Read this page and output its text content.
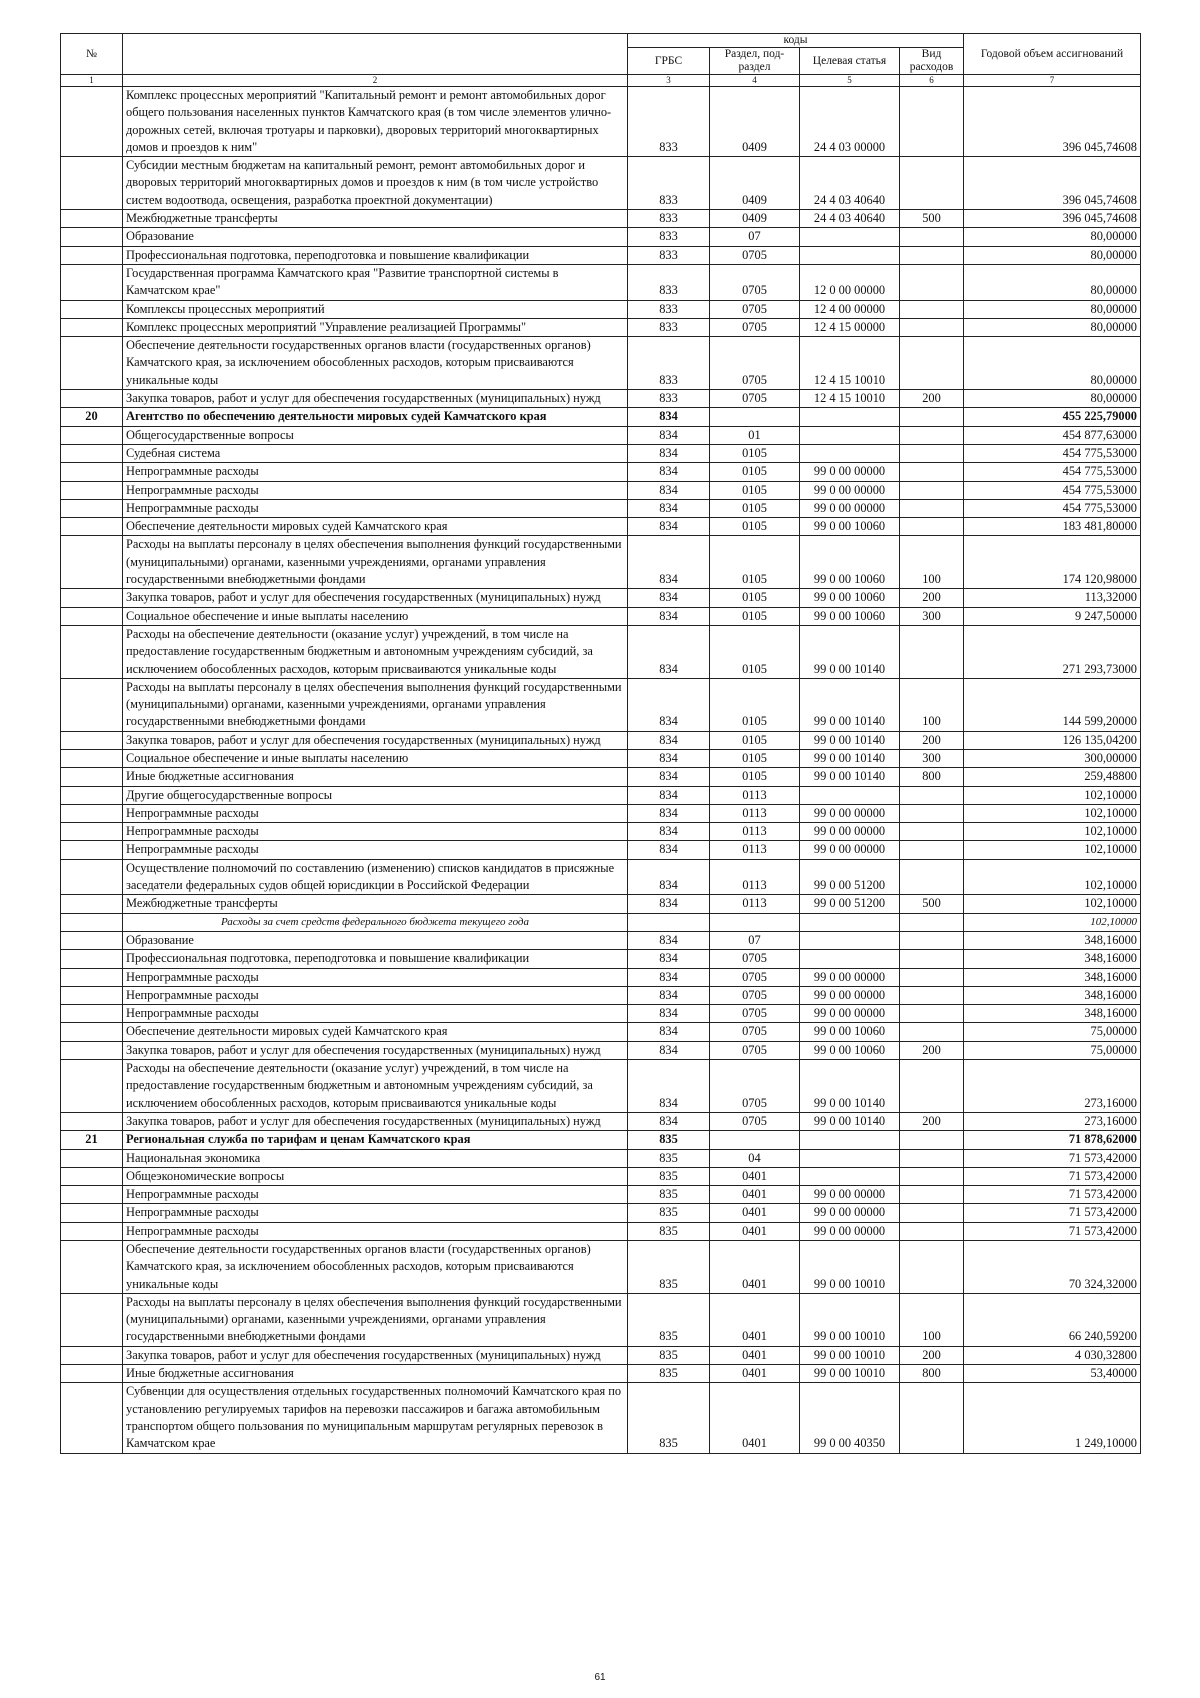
№		коды				Годовой объем ассигнований
		ГРБС	Раздел, под-раздел	Целевая статья	Вид расходов	
1	2	3	4	5	6	7
	Комплекс процессных мероприятий "Капитальный ремонт и ремонт автомобильных дорог общего пользования населенных пунктов Камчатского края (в том числе элементов улично-дорожных сетей, включая тротуары и парковки), дворовых территорий многоквартирных домов и проездов к ним"	833	0409	24 4 03 00000		396 045,74608
	Субсидии местным бюджетам на капитальный ремонт, ремонт автомобильных дорог и дворовых территорий многоквартирных домов и проездов к ним (в том числе устройство систем водоотвода, освещения, разработка проектной документации)	833	0409	24 4 03 40640		396 045,74608
	Межбюджетные трансферты	833	0409	24 4 03 40640	500	396 045,74608
	Образование	833	07			80,00000
	Профессиональная подготовка, переподготовка и повышение квалификации	833	0705			80,00000
	Государственная программа Камчатского края "Развитие транспортной системы в Камчатском крае"	833	0705	12 0 00 00000		80,00000
	Комплексы процессных мероприятий	833	0705	12 4 00 00000		80,00000
	Комплекс процессных мероприятий "Управление реализацией Программы"	833	0705	12 4 15 00000		80,00000
	Обеспечение деятельности государственных органов власти (государственных органов) Камчатского края, за исключением обособленных расходов, которым присваиваются уникальные коды	833	0705	12 4 15 10010		80,00000
	Закупка товаров, работ и услуг для обеспечения государственных (муниципальных) нужд	833	0705	12 4 15 10010	200	80,00000
20	Агентство по обеспечению деятельности мировых судей Камчатского края	834				455 225,79000
	Общегосударственные вопросы	834	01			454 877,63000
	Судебная система	834	0105			454 775,53000
	Непрограммные расходы	834	0105	99 0 00 00000		454 775,53000
	Непрограммные расходы	834	0105	99 0 00 00000		454 775,53000
	Непрограммные расходы	834	0105	99 0 00 00000		454 775,53000
	Обеспечение деятельности мировых судей Камчатского края	834	0105	99 0 00 10060		183 481,80000
	Расходы на выплаты персоналу в целях обеспечения выполнения функций государственными (муниципальными) органами, казенными учреждениями, органами управления государственными внебюджетными фондами	834	0105	99 0 00 10060	100	174 120,98000
	Закупка товаров, работ и услуг для обеспечения государственных (муниципальных) нужд	834	0105	99 0 00 10060	200	113,32000
	Социальное обеспечение и иные выплаты населению	834	0105	99 0 00 10060	300	9 247,50000
	Расходы на обеспечение деятельности (оказание услуг) учреждений, в том числе на предоставление государственным бюджетным и автономным учреждениям субсидий, за исключением обособленных расходов, которым присваиваются уникальные коды	834	0105	99 0 00 10140		271 293,73000
	Расходы на выплаты персоналу в целях обеспечения выполнения функций государственными (муниципальными) органами, казенными учреждениями, органами управления государственными внебюджетными фондами	834	0105	99 0 00 10140	100	144 599,20000
	Закупка товаров, работ и услуг для обеспечения государственных (муниципальных) нужд	834	0105	99 0 00 10140	200	126 135,04200
	Социальное обеспечение и иные выплаты населению	834	0105	99 0 00 10140	300	300,00000
	Иные бюджетные ассигнования	834	0105	99 0 00 10140	800	259,48800
	Другие общегосударственные вопросы	834	0113			102,10000
	Непрограммные расходы	834	0113	99 0 00 00000		102,10000
	Непрограммные расходы	834	0113	99 0 00 00000		102,10000
	Непрограммные расходы	834	0113	99 0 00 00000		102,10000
	Осуществление полномочий по составлению (изменению) списков кандидатов в присяжные заседатели федеральных судов общей юрисдикции в Российской Федерации	834	0113	99 0 00 51200		102,10000
	Межбюджетные трансферты	834	0113	99 0 00 51200	500	102,10000
	Расходы за счет средств федерального бюджета текущего года					102,10000
	Образование	834	07			348,16000
	Профессиональная подготовка, переподготовка и повышение квалификации	834	0705			348,16000
	Непрограммные расходы	834	0705	99 0 00 00000		348,16000
	Непрограммные расходы	834	0705	99 0 00 00000		348,16000
	Непрограммные расходы	834	0705	99 0 00 00000		348,16000
	Обеспечение деятельности мировых судей Камчатского края	834	0705	99 0 00 10060		75,00000
	Закупка товаров, работ и услуг для обеспечения государственных (муниципальных) нужд	834	0705	99 0 00 10060	200	75,00000
	Расходы на обеспечение деятельности (оказание услуг) учреждений, в том числе на предоставление государственным бюджетным и автономным учреждениям субсидий, за исключением обособленных расходов, которым присваиваются уникальные коды	834	0705	99 0 00 10140		273,16000
	Закупка товаров, работ и услуг для обеспечения государственных (муниципальных) нужд	834	0705	99 0 00 10140	200	273,16000
21	Региональная служба по тарифам и ценам Камчатского края	835				71 878,62000
	Национальная экономика	835	04			71 573,42000
	Общеэкономические вопросы	835	0401			71 573,42000
	Непрограммные расходы	835	0401	99 0 00 00000		71 573,42000
	Непрограммные расходы	835	0401	99 0 00 00000		71 573,42000
	Непрограммные расходы	835	0401	99 0 00 00000		71 573,42000
	Обеспечение деятельности государственных органов власти (государственных органов) Камчатского края, за исключением обособленных расходов, которым присваиваются уникальные коды	835	0401	99 0 00 10010		70 324,32000
	Расходы на выплаты персоналу в целях обеспечения выполнения функций государственными (муниципальными) органами, казенными учреждениями, органами управления государственными внебюджетными фондами	835	0401	99 0 00 10010	100	66 240,59200
	Закупка товаров, работ и услуг для обеспечения государственных (муниципальных) нужд	835	0401	99 0 00 10010	200	4 030,32800
	Иные бюджетные ассигнования	835	0401	99 0 00 10010	800	53,40000
	Субвенции для осуществления отдельных государственных полномочий Камчатского края по установлению регулируемых тарифов на перевозки пассажиров и багажа автомобильным транспортом общего пользования по муниципальным маршрутам регулярных перевозок в Камчатском крае	835	0401	99 0 00 40350		1 249,10000
61
